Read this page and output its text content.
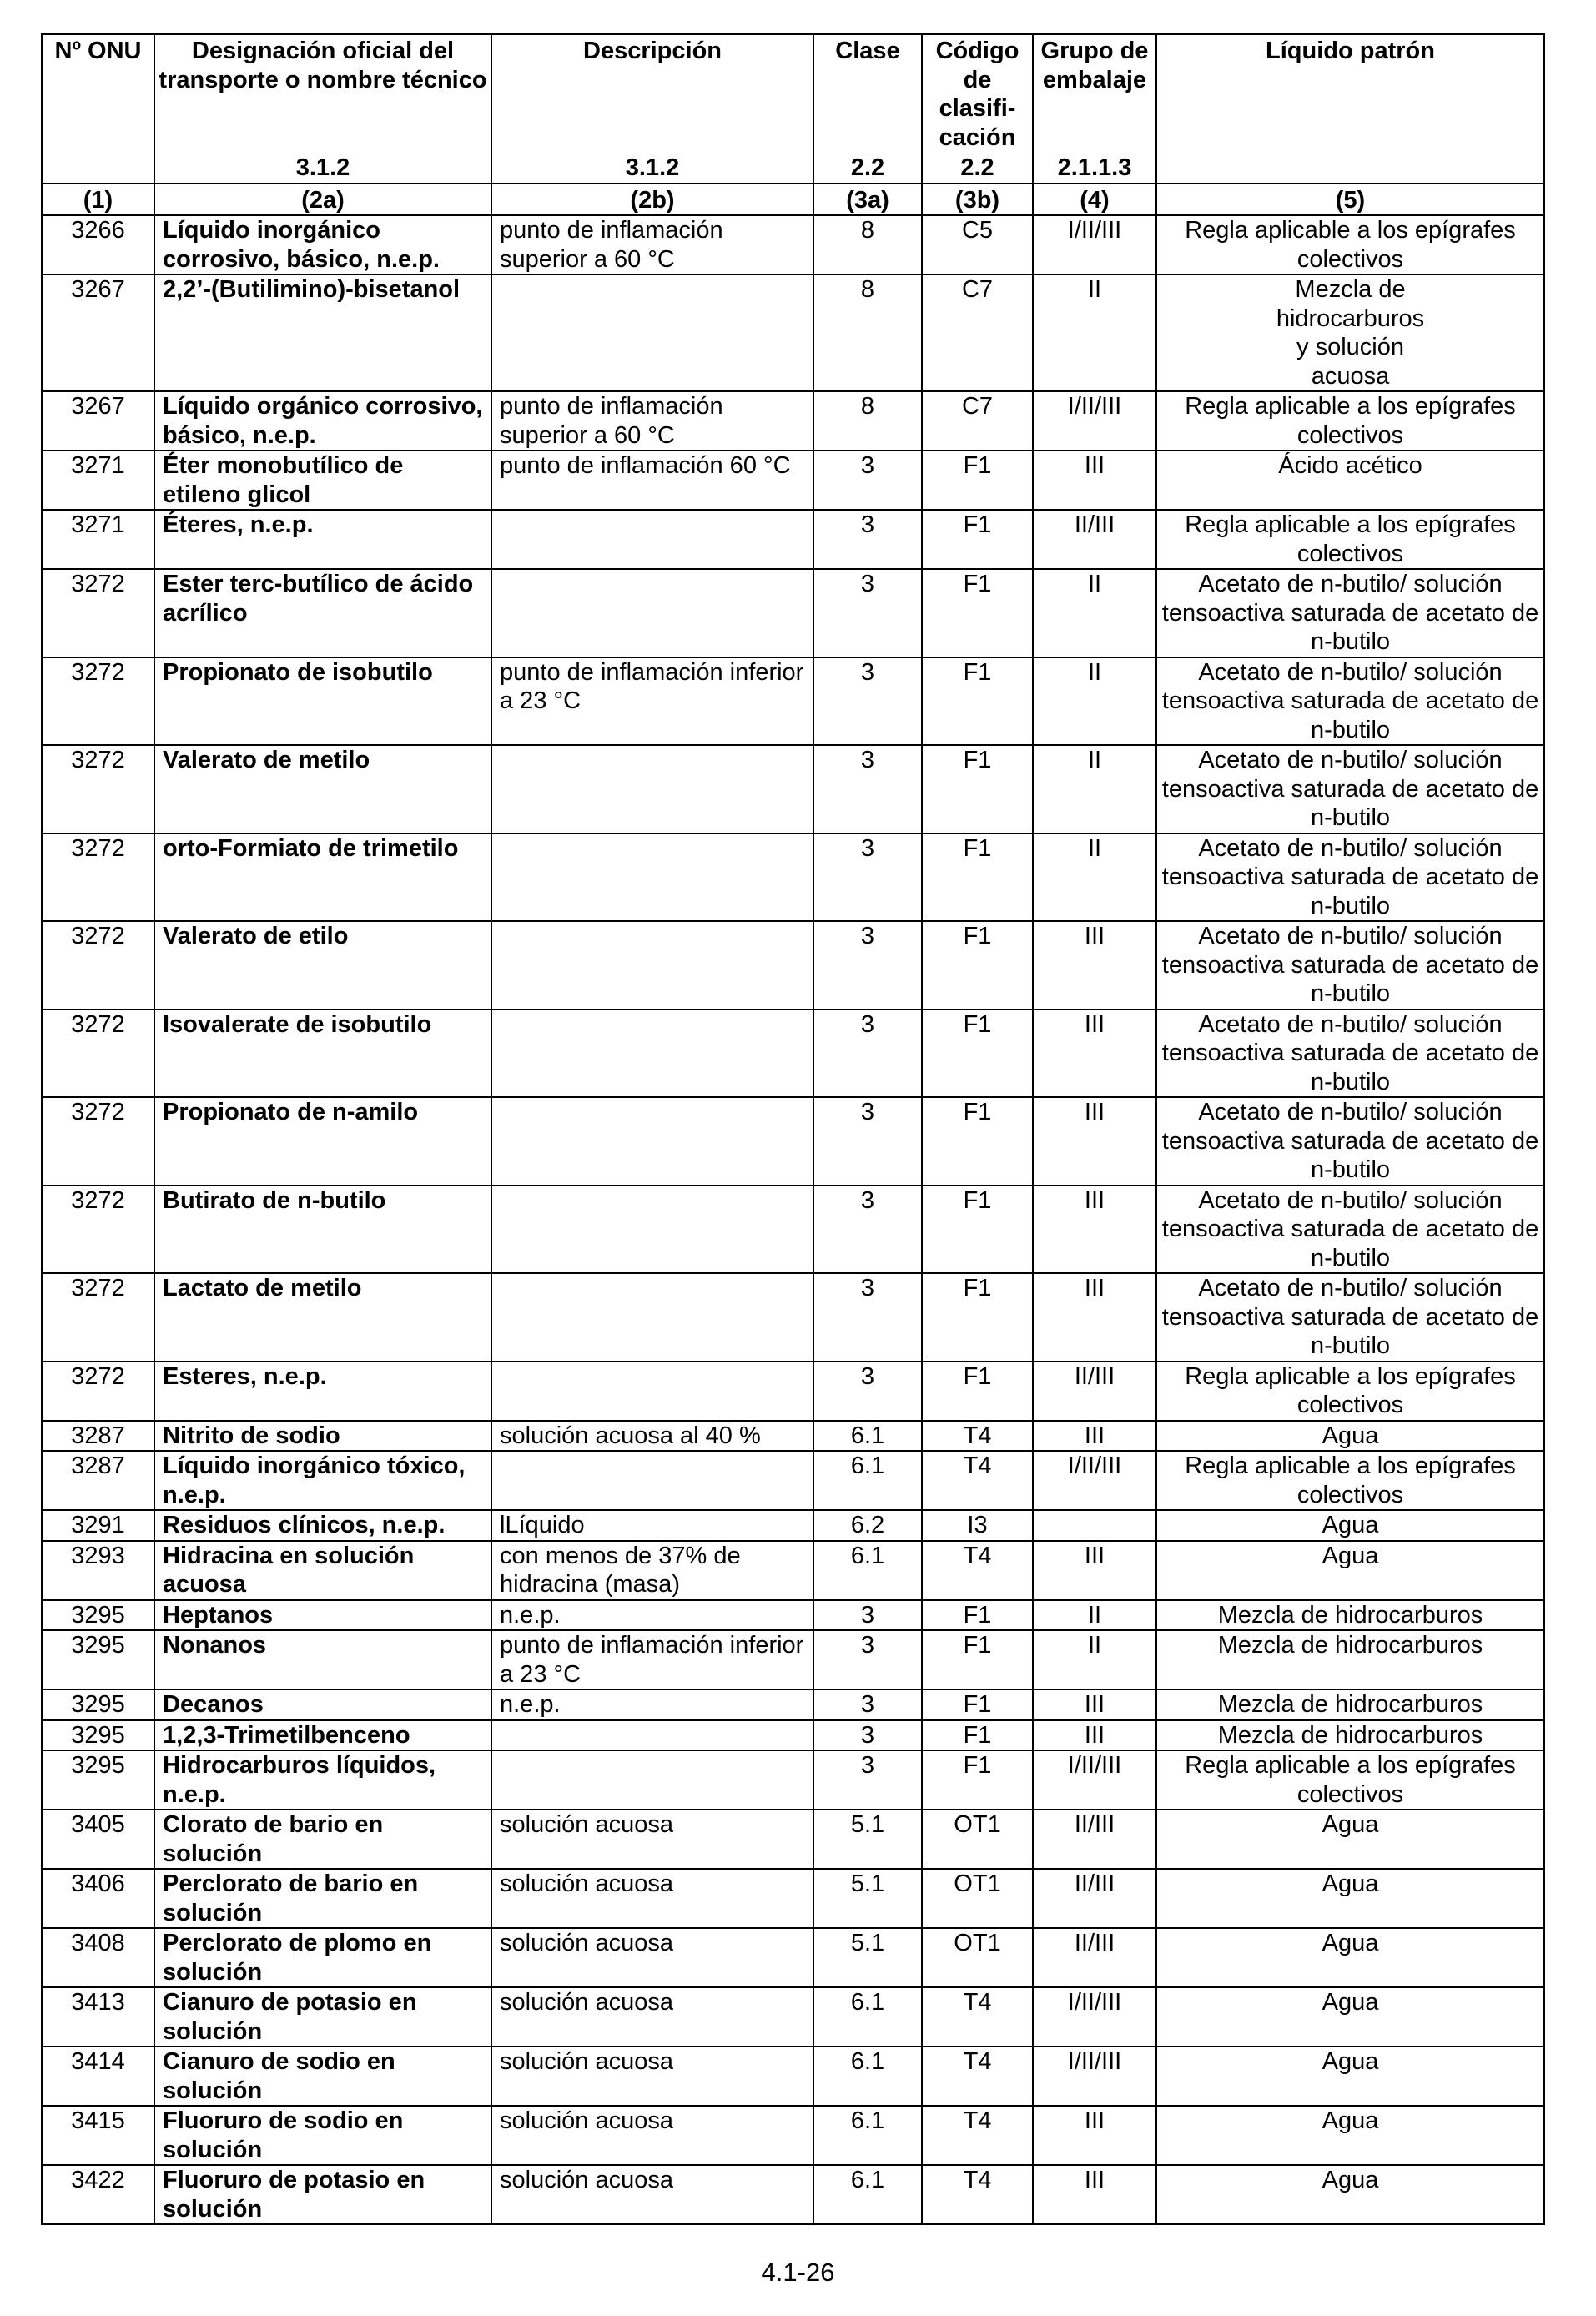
Nº ONU	Designación oficial del transporte o nombre técnico	Descripción	Clase	Código de clasifi- cación	Grupo de embalaje	Líquido patrón
	3.1.2	3.1.2	2.2	2.2	2.1.1.3	
(1)	(2a)	(2b)	(3a)	(3b)	(4)	(5)
3266	Líquido inorgánico corrosivo, básico, n.e.p.	punto de inflamación superior a 60 °C	8	C5	I/II/III	Regla aplicable a los epígrafes colectivos
3267	2,2’-(Butilimino)-bisetanol		8	C7	II	Mezcla de hidrocarburos y solución acuosa
3267	Líquido orgánico corrosivo, básico, n.e.p.	punto de inflamación superior a 60 °C	8	C7	I/II/III	Regla aplicable a los epígrafes colectivos
3271	Éter monobutílico de etileno glicol	punto de inflamación 60 °C	3	F1	III	Ácido acético
3271	Éteres, n.e.p.		3	F1	II/III	Regla aplicable a los epígrafes colectivos
3272	Ester terc-butílico de ácido acrílico		3	F1	II	Acetato de n-butilo/ solución tensoactiva saturada de acetato de n-butilo
3272	Propionato de isobutilo	punto de inflamación inferior a 23 °C	3	F1	II	Acetato de n-butilo/ solución tensoactiva saturada de acetato de n-butilo
3272	Valerato de metilo		3	F1	II	Acetato de n-butilo/ solución tensoactiva saturada de acetato de n-butilo
3272	orto-Formiato de trimetilo		3	F1	II	Acetato de n-butilo/ solución tensoactiva saturada de acetato de n-butilo
3272	Valerato de etilo		3	F1	III	Acetato de n-butilo/ solución tensoactiva saturada de acetato de n-butilo
3272	Isovalerate de isobutilo		3	F1	III	Acetato de n-butilo/ solución tensoactiva saturada de acetato de n-butilo
3272	Propionato de n-amilo		3	F1	III	Acetato de n-butilo/ solución tensoactiva saturada de acetato de n-butilo
3272	Butirato de n-butilo		3	F1	III	Acetato de n-butilo/ solución tensoactiva saturada de acetato de n-butilo
3272	Lactato de metilo		3	F1	III	Acetato de n-butilo/ solución tensoactiva saturada de acetato de n-butilo
3272	Esteres, n.e.p.		3	F1	II/III	Regla aplicable a los epígrafes colectivos
3287	Nitrito de sodio	solución acuosa al 40 %	6.1	T4	III	Agua
3287	Líquido inorgánico tóxico, n.e.p.		6.1	T4	I/II/III	Regla aplicable a los epígrafes colectivos
3291	Residuos clínicos, n.e.p.	lLíquido	6.2	I3		Agua
3293	Hidracina en solución acuosa	con menos de 37% de hidracina (masa)	6.1	T4	III	Agua
3295	Heptanos	n.e.p.	3	F1	II	Mezcla de hidrocarburos
3295	Nonanos	punto de inflamación inferior a 23 °C	3	F1	II	Mezcla de hidrocarburos
3295	Decanos	n.e.p.	3	F1	III	Mezcla de hidrocarburos
3295	1,2,3-Trimetilbenceno		3	F1	III	Mezcla de hidrocarburos
3295	Hidrocarburos líquidos, n.e.p.		3	F1	I/II/III	Regla aplicable a los epígrafes colectivos
3405	Clorato de bario en solución	solución acuosa	5.1	OT1	II/III	Agua
3406	Perclorato de bario en solución	solución acuosa	5.1	OT1	II/III	Agua
3408	Perclorato de plomo en solución	solución acuosa	5.1	OT1	II/III	Agua
3413	Cianuro de potasio en solución	solución acuosa	6.1	T4	I/II/III	Agua
3414	Cianuro de sodio en solución	solución acuosa	6.1	T4	I/II/III	Agua
3415	Fluoruro de sodio en solución	solución acuosa	6.1	T4	III	Agua
3422	Fluoruro de potasio en solución	solución acuosa	6.1	T4	III	Agua
4.1-26
